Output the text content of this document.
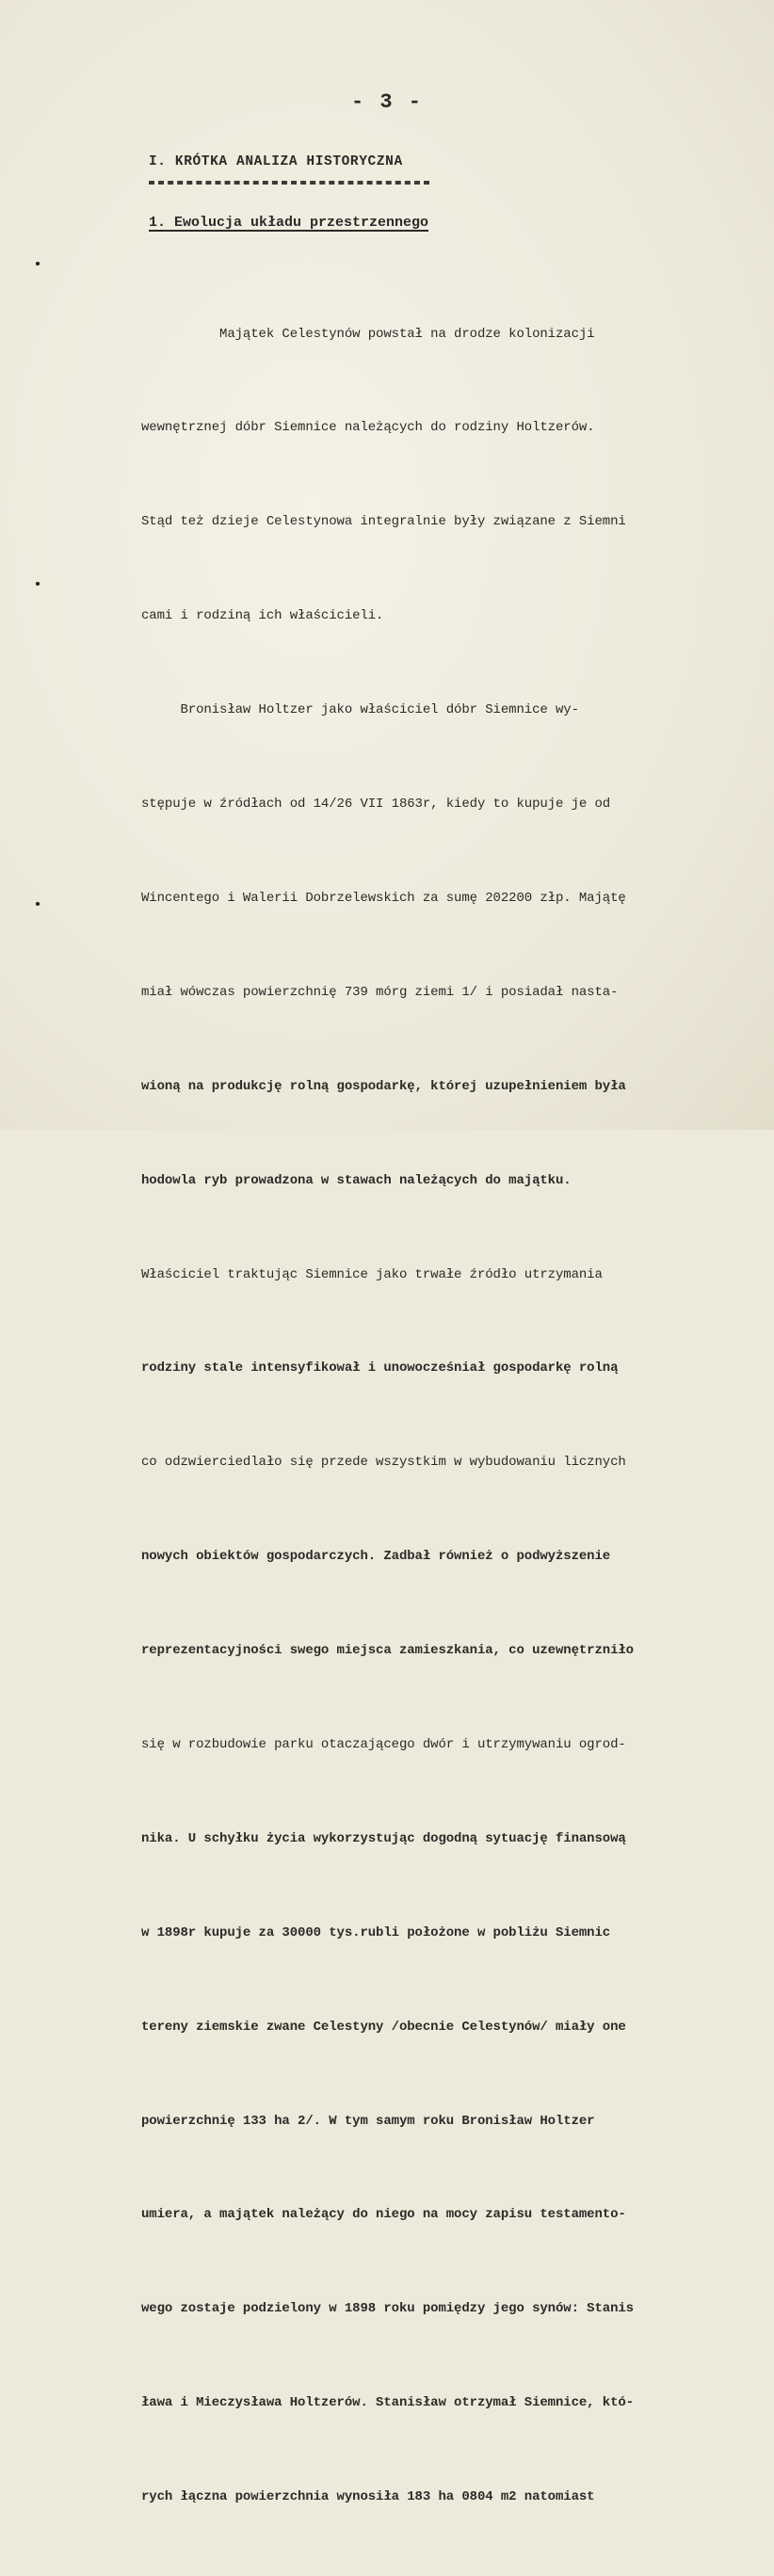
- 3 -
I. KRÓTKA ANALIZA HISTORYCZNA
1. Ewolucja układu przestrzennego

Majątek Celestynów powstał na drodze kolonizacji

wewnętrznej dóbr Siemnice należących do rodziny Holtzerów.

Stąd też dzieje Celestynowa integralnie były związane z Siemni

cami i rodziną ich właścicieli.

Bronisław Holtzer jako właściciel dóbr Siemnice wy-

stępuje w źródłach od 14/26 VII 1863r, kiedy to kupuje je od

Wincentego i Walerii Dobrzelewskich za sumę 202200 złp. Majątę

miał wówczas powierzchnię 739 mórg ziemi 1/ i posiadał nasta-

wioną na produkcję rolną gospodarkę, której uzupełnieniem była

hodowla ryb prowadzona w stawach należących do majątku.

Właściciel traktując Siemnice jako trwałe źródło utrzymania

rodziny stale intensyfikował i unowocześniał gospodarkę rolną

co odzwierciedlało się przede wszystkim w wybudowaniu licznych

nowych obiektów gospodarczych. Zadbał również o podwyższenie

reprezentacyjności swego miejsca zamieszkania, co uzewnętrzniło

się w rozbudowie parku otaczającego dwór i utrzymywaniu ogrod-

nika. U schyłku życia wykorzystując dogodną sytuację finansową

w 1898r kupuje za 30000 tys.rubli położone w pobliżu Siemnic

tereny ziemskie zwane Celestyny /obecnie Celestynów/ miały one

powierzchnię 133 ha 2/. W tym samym roku Bronisław Holtzer

umiera, a majątek należący do niego na mocy zapisu testamento-

wego zostaje podzielony w 1898 roku pomiędzy jego synów: Stanis

ława i Mieczysława Holtzerów. Stanisław otrzymał Siemnice, któ-

rych łączna powierzchnia wynosiła 183 ha 0804 m2 natomiast
